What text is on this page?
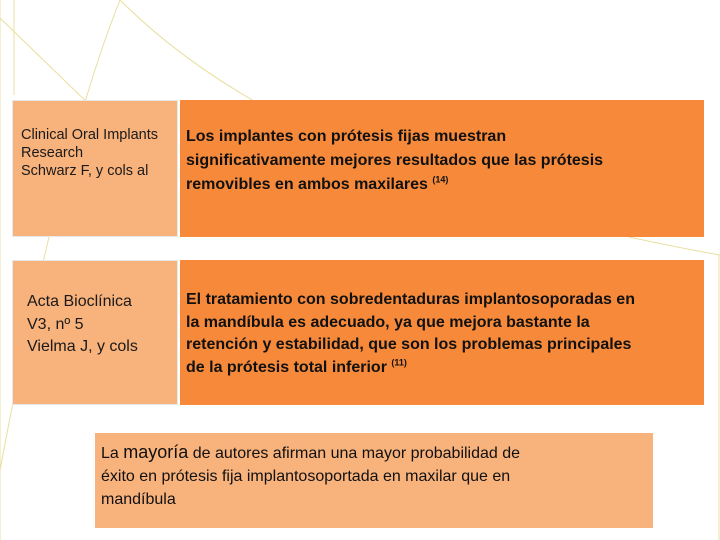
Clinical Oral Implants
Research
Schwarz F, y cols al
Los implantes con prótesis fijas muestran
significativamente mejores resultados que las prótesis
removibles en ambos maxilares $^{(14)}$
Acta Bioclínica
V3, nº 5
Vielma J, y cols
El tratamiento con sobredentaduras implantosoporadas en
la mandíbula es adecuado, ya que mejora bastante la
retención y estabilidad, que son los problemas principales
de la prótesis total inferior $^{(11)}$
La mayoría de autores afirman una mayor probabilidad de
éxito en prótesis fija implantosoportada en maxilar que en
mandíbula
